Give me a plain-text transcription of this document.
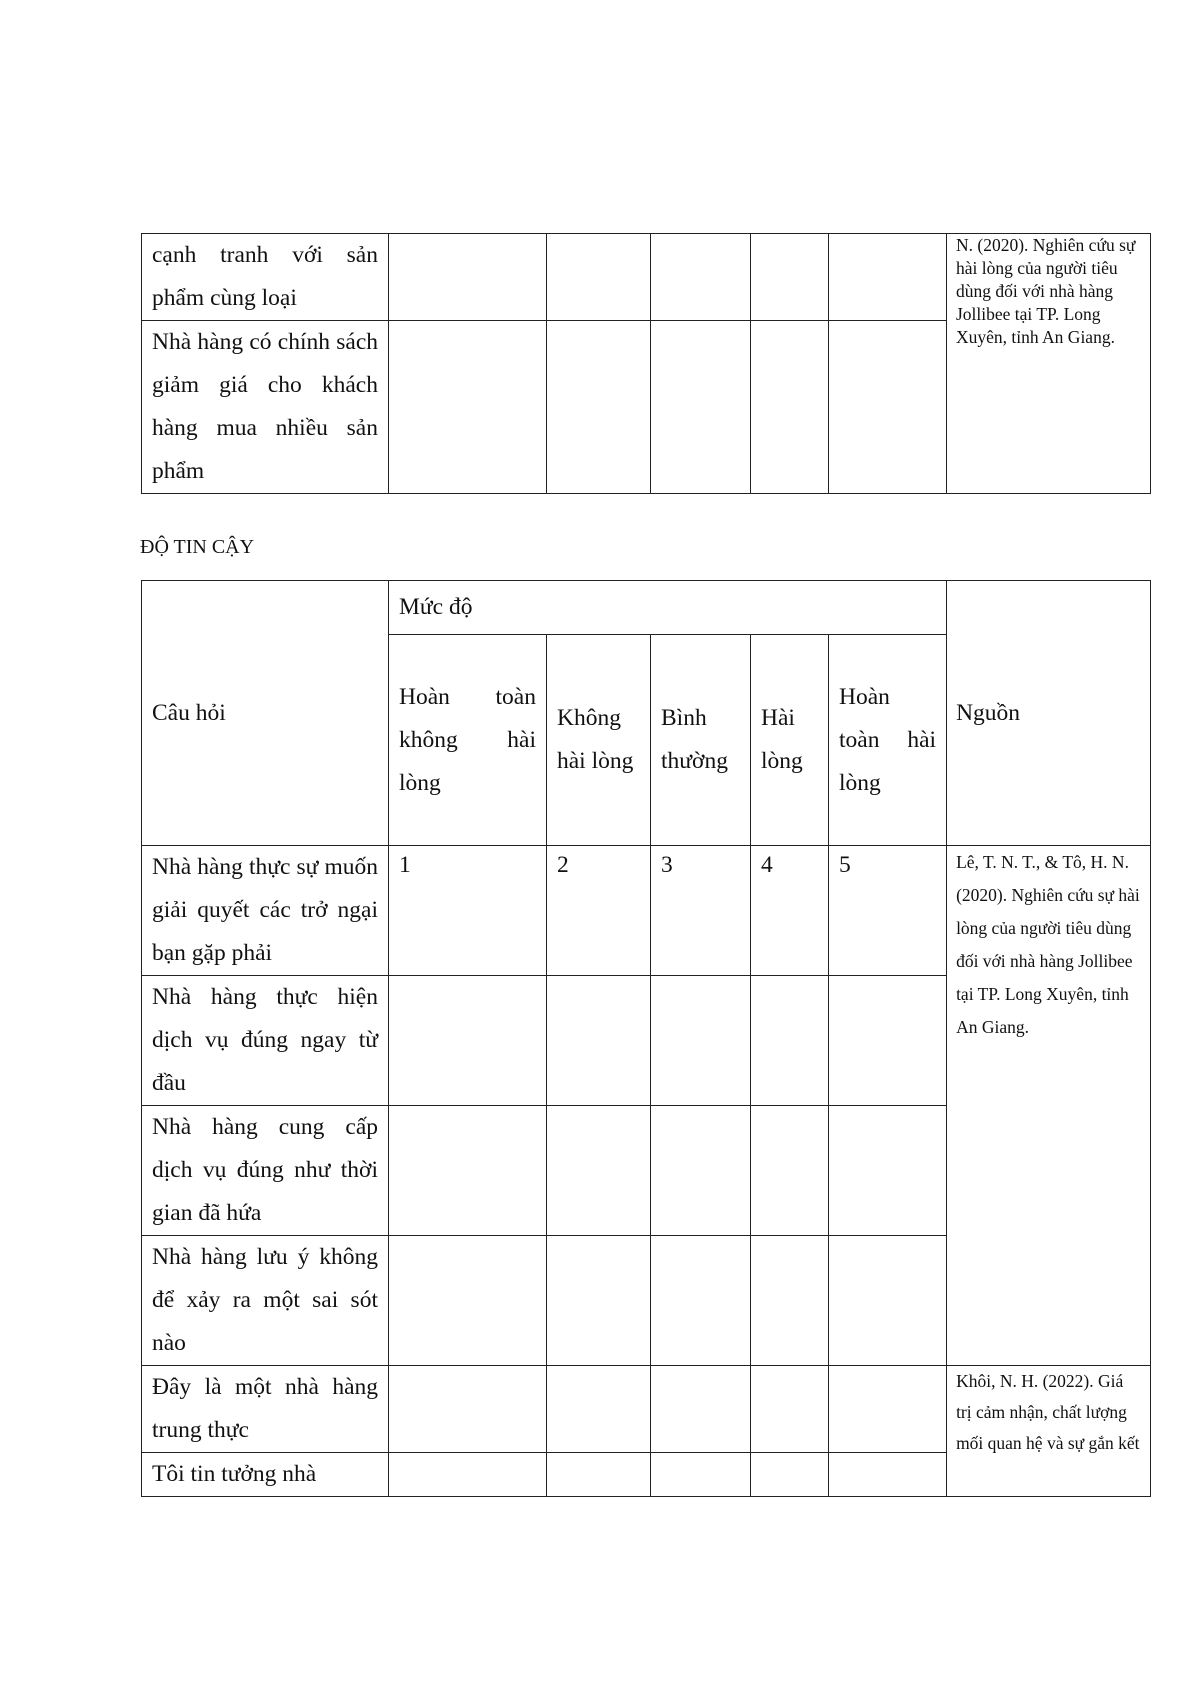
cạnh tranh với sản phẩm cùng loại						N. (2020). Nghiên cứu sự hài lòng của người tiêu dùng đối với nhà hàng Jollibee tại TP. Long Xuyên, tỉnh An Giang.
Nhà hàng có chính sách giảm giá cho khách hàng mua nhiều sản phẩm						
ĐỘ TIN CẬY
Câu hỏi	Mức độ					Nguồn
	Hoàn toàn không hài lòng	Không hài lòng	Bình thường	Hài lòng	Hoàn toàn hài lòng	
Nhà hàng thực sự muốn giải quyết các trở ngại bạn gặp phải	1	2	3	4	5	Lê, T. N. T., & Tô, H. N. (2020). Nghiên cứu sự hài lòng của người tiêu dùng đối với nhà hàng Jollibee tại TP. Long Xuyên, tỉnh An Giang.
Nhà hàng thực hiện dịch vụ đúng ngay từ đầu						
Nhà hàng cung cấp dịch vụ đúng như thời gian đã hứa						
Nhà hàng lưu ý không để xảy ra một sai sót nào						
Đây là một nhà hàng trung thực						Khôi, N. H. (2022). Giá trị cảm nhận, chất lượng mối quan hệ và sự gắn kết
Tôi tin tưởng nhà						
